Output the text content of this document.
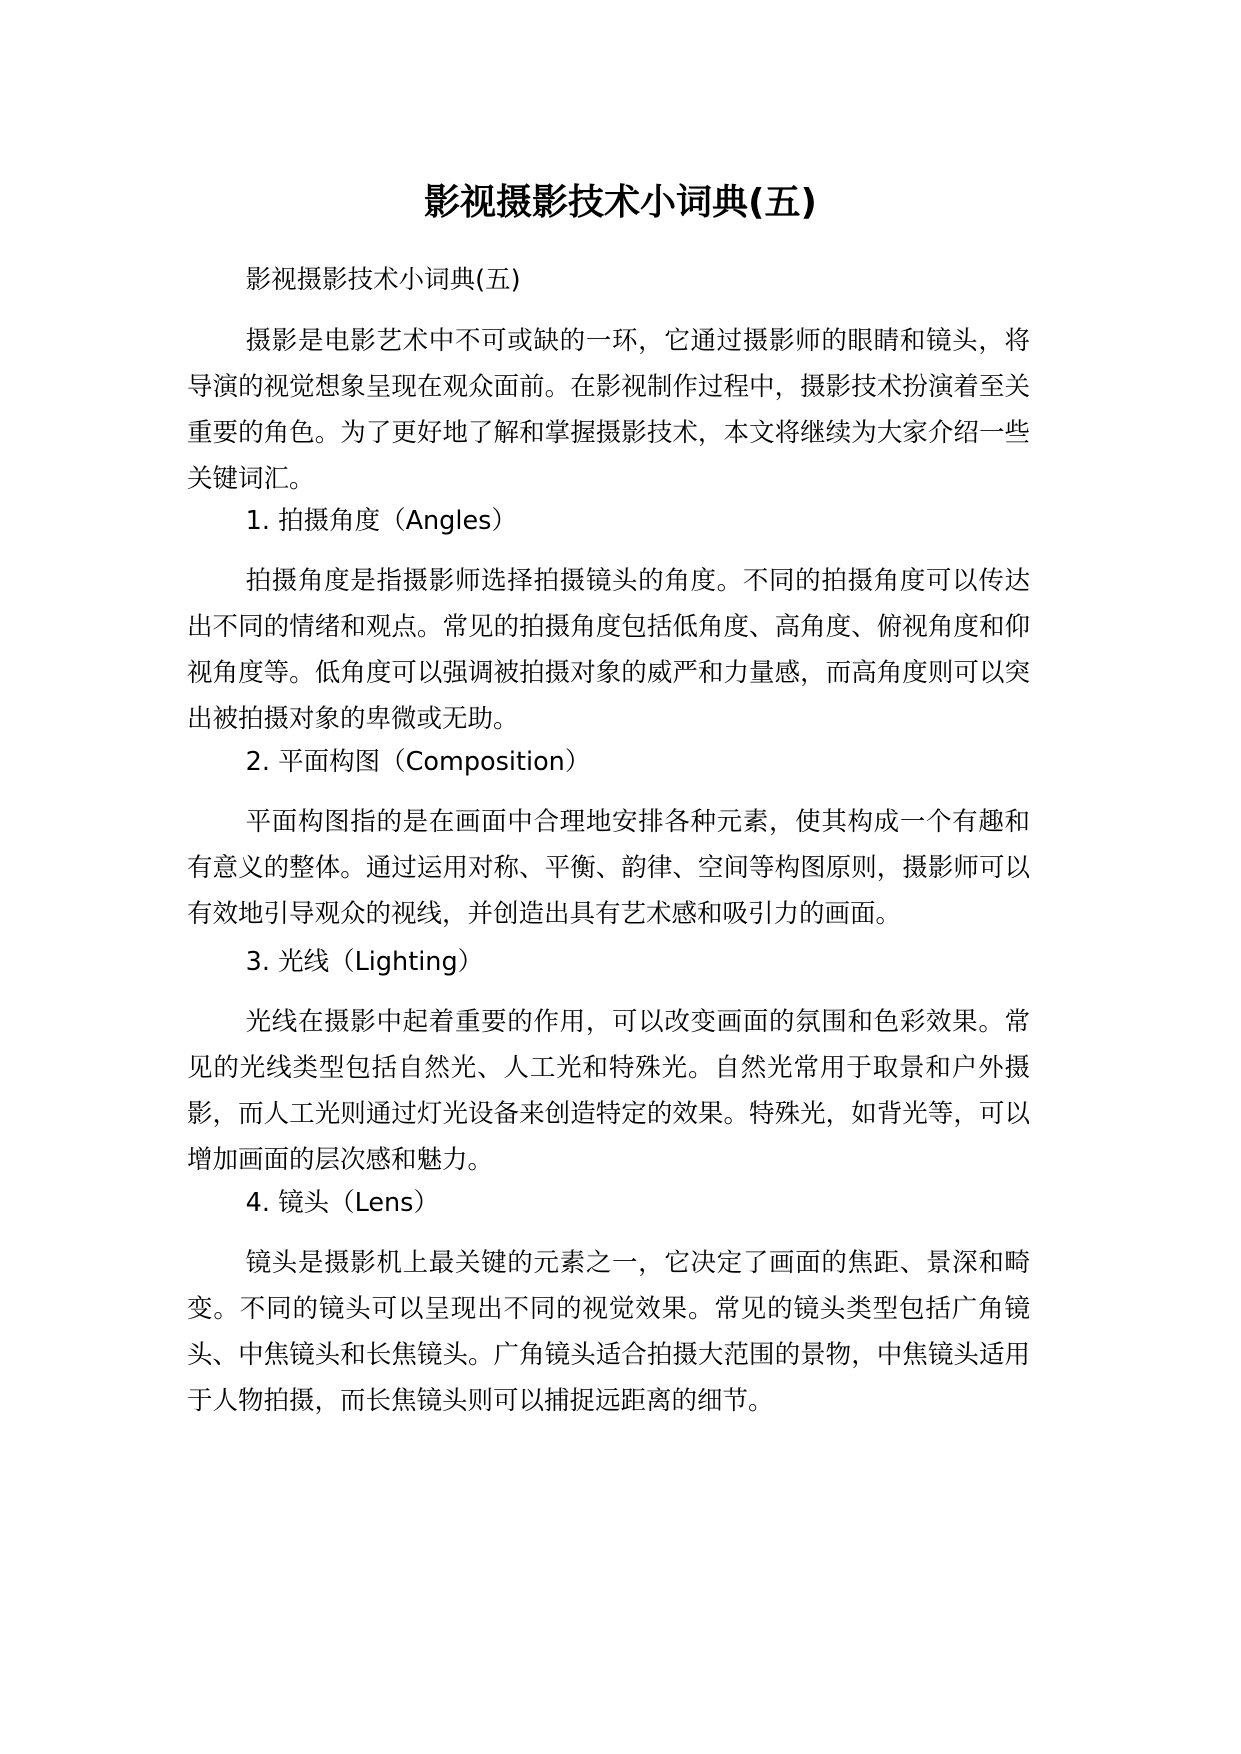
影视摄影技术小词典(五)

影视摄影技术小词典(五)

摄影是电影艺术中不可或缺的一环，它通过摄影师的眼睛和镜头，将导演的视觉想象呈现在观众面前。在影视制作过程中，摄影技术扮演着至关重要的角色。为了更好地了解和掌握摄影技术，本文将继续为大家介绍一些关键词汇。

1. 拍摄角度（Angles）

拍摄角度是指摄影师选择拍摄镜头的角度。不同的拍摄角度可以传达出不同的情绪和观点。常见的拍摄角度包括低角度、高角度、俯视角度和仰视角度等。低角度可以强调被拍摄对象的威严和力量感，而高角度则可以突出被拍摄对象的卑微或无助。

2. 平面构图（Composition）

平面构图指的是在画面中合理地安排各种元素，使其构成一个有趣和有意义的整体。通过运用对称、平衡、韵律、空间等构图原则，摄影师可以有效地引导观众的视线，并创造出具有艺术感和吸引力的画面。

3. 光线（Lighting）

光线在摄影中起着重要的作用，可以改变画面的氛围和色彩效果。常见的光线类型包括自然光、人工光和特殊光。自然光常用于取景和户外摄影，而人工光则通过灯光设备来创造特定的效果。特殊光，如背光等，可以增加画面的层次感和魅力。

4. 镜头（Lens）

镜头是摄影机上最关键的元素之一，它决定了画面的焦距、景深和畸变。不同的镜头可以呈现出不同的视觉效果。常见的镜头类型包括广角镜头、中焦镜头和长焦镜头。广角镜头适合拍摄大范围的景物，中焦镜头适用于人物拍摄，而长焦镜头则可以捕捉远距离的细节。
